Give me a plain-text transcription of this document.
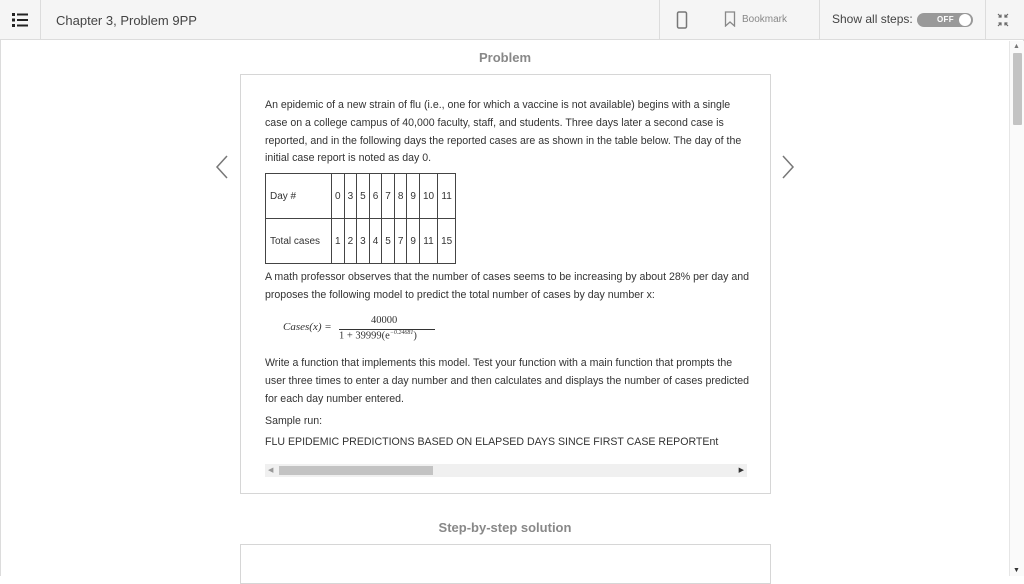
Chapter 3, Problem 9PP	Bookmark	Show all steps:	OFF
Problem
An epidemic of a new strain of flu (i.e., one for which a vaccine is not available) begins with a single case on a college campus of 40,000 faculty, staff, and students. Three days later a second case is reported, and in the following days the reported cases are as shown in the table below. The day of the initial case report is noted as day 0.
Day #	0	3	5	6	7	8	9	10	11
Total cases	1	2	3	4	5	7	9	11	15
A math professor observes that the number of cases seems to be increasing by about 28% per day and proposes the following model to predict the total number of cases by day number x:
Cases(x) =
40000
$1 + 39999(e^{-0.24681})$
Write a function that implements this model. Test your function with a main function that prompts the user three times to enter a day number and then calculates and displays the number of cases predicted for each day number entered.
Sample run:
FLU EPIDEMIC PREDICTIONS BASED ON ELAPSED DAYS SINCE FIRST CASE REPORTEnt
◀	▶
Step-by-step solution
▲
▼
